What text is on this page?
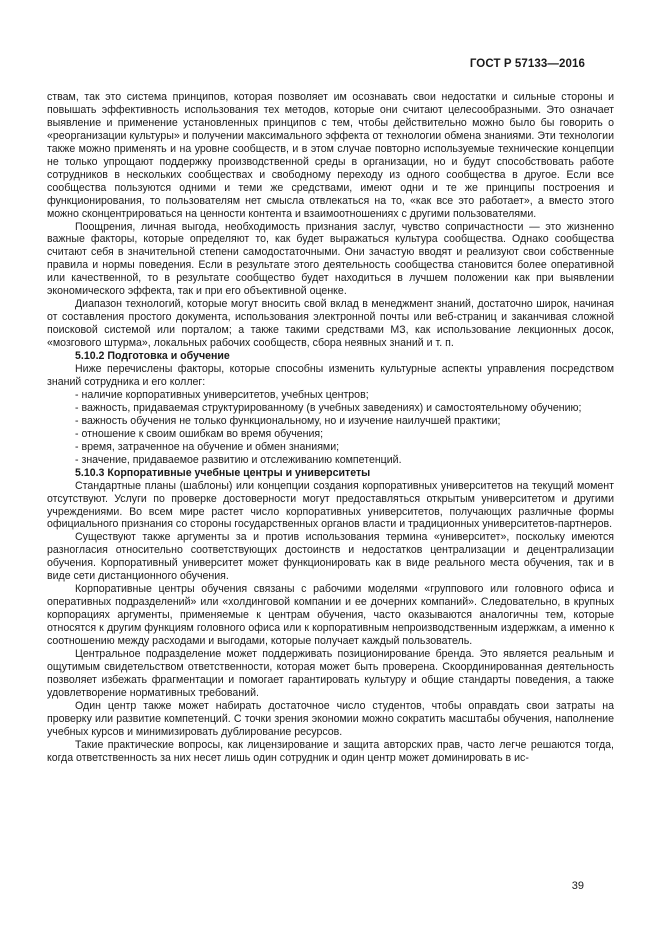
ГОСТ Р 57133—2016

ствам, так это система принципов, которая позволяет им осознавать свои недостатки и сильные стороны и повышать эффективность использования тех методов, которые они считают целесообразными. Это означает выявление и применение установленных принципов с тем, чтобы действительно можно было бы говорить о «реорганизации культуры» и получении максимального эффекта от технологии обмена знаниями. Эти технологии также можно применять и на уровне сообществ, и в этом случае повторно используемые технические концепции не только упрощают поддержку производственной среды в организации, но и будут способствовать работе сотрудников в нескольких сообществах и свободному переходу из одного сообщества в другое. Если все сообщества пользуются одними и теми же средствами, имеют одни и те же принципы построения и функционирования, то пользователям нет смысла отвлекаться на то, «как все это работает», а вместо этого можно сконцентрироваться на ценности контента и взаимоотношениях с другими пользователями.

Поощрения, личная выгода, необходимость признания заслуг, чувство сопричастности — это жизненно важные факторы, которые определяют то, как будет выражаться культура сообщества. Однако сообщества считают себя в значительной степени самодостаточными. Они зачастую вводят и реализуют свои собственные правила и нормы поведения. Если в результате этого деятельность сообщества становится более оперативной или качественной, то в результате сообщество будет находиться в лучшем положении как при выявлении экономического эффекта, так и при его объективной оценке.

Диапазон технологий, которые могут вносить свой вклад в менеджмент знаний, достаточно широк, начиная от составления простого документа, использования электронной почты или веб-страниц и заканчивая сложной поисковой системой или порталом; а также такими средствами МЗ, как использование лекционных досок, «мозгового штурма», локальных рабочих сообществ, сбора неявных знаний и т. п.

5.10.2 Подготовка и обучение

Ниже перечислены факторы, которые способны изменить культурные аспекты управления посредством знаний сотрудника и его коллег:

- наличие корпоративных университетов, учебных центров;

- важность, придаваемая структурированному (в учебных заведениях) и самостоятельному обучению;

- важность обучения не только функциональному, но и изучение наилучшей практики;

- отношение к своим ошибкам во время обучения;

- время, затраченное на обучение и обмен знаниями;

- значение, придаваемое развитию и отслеживанию компетенций.

5.10.3 Корпоративные учебные центры и университеты

Стандартные планы (шаблоны) или концепции создания корпоративных университетов на текущий момент отсутствуют. Услуги по проверке достоверности могут предоставляться открытым университетом и другими учреждениями. Во всем мире растет число корпоративных университетов, получающих различные формы официального признания со стороны государственных органов власти и традиционных университетов-партнеров.

Существуют также аргументы за и против использования термина «университет», поскольку имеются разногласия относительно соответствующих достоинств и недостатков централизации и децентрализации обучения. Корпоративный университет может функционировать как в виде реального места обучения, так и в виде сети дистанционного обучения.

Корпоративные центры обучения связаны с рабочими моделями «группового или головного офиса и оперативных подразделений» или «холдинговой компании и ее дочерних компаний». Следовательно, в крупных корпорациях аргументы, применяемые к центрам обучения, часто оказываются аналогичны тем, которые относятся к другим функциям головного офиса или к корпоративным непроизводственным издержкам, а именно к соотношению между расходами и выгодами, которые получает каждый пользователь.

Центральное подразделение может поддерживать позиционирование бренда. Это является реальным и ощутимым свидетельством ответственности, которая может быть проверена. Скоординированная деятельность позволяет избежать фрагментации и помогает гарантировать культуру и общие стандарты поведения, а также удовлетворение нормативных требований.

Один центр также может набирать достаточное число студентов, чтобы оправдать свои затраты на проверку или развитие компетенций. С точки зрения экономии можно сократить масштабы обучения, наполнение учебных курсов и минимизировать дублирование ресурсов.

Такие практические вопросы, как лицензирование и защита авторских прав, часто легче решаются тогда, когда ответственность за них несет лишь один сотрудник и один центр может доминировать в ис-

39
